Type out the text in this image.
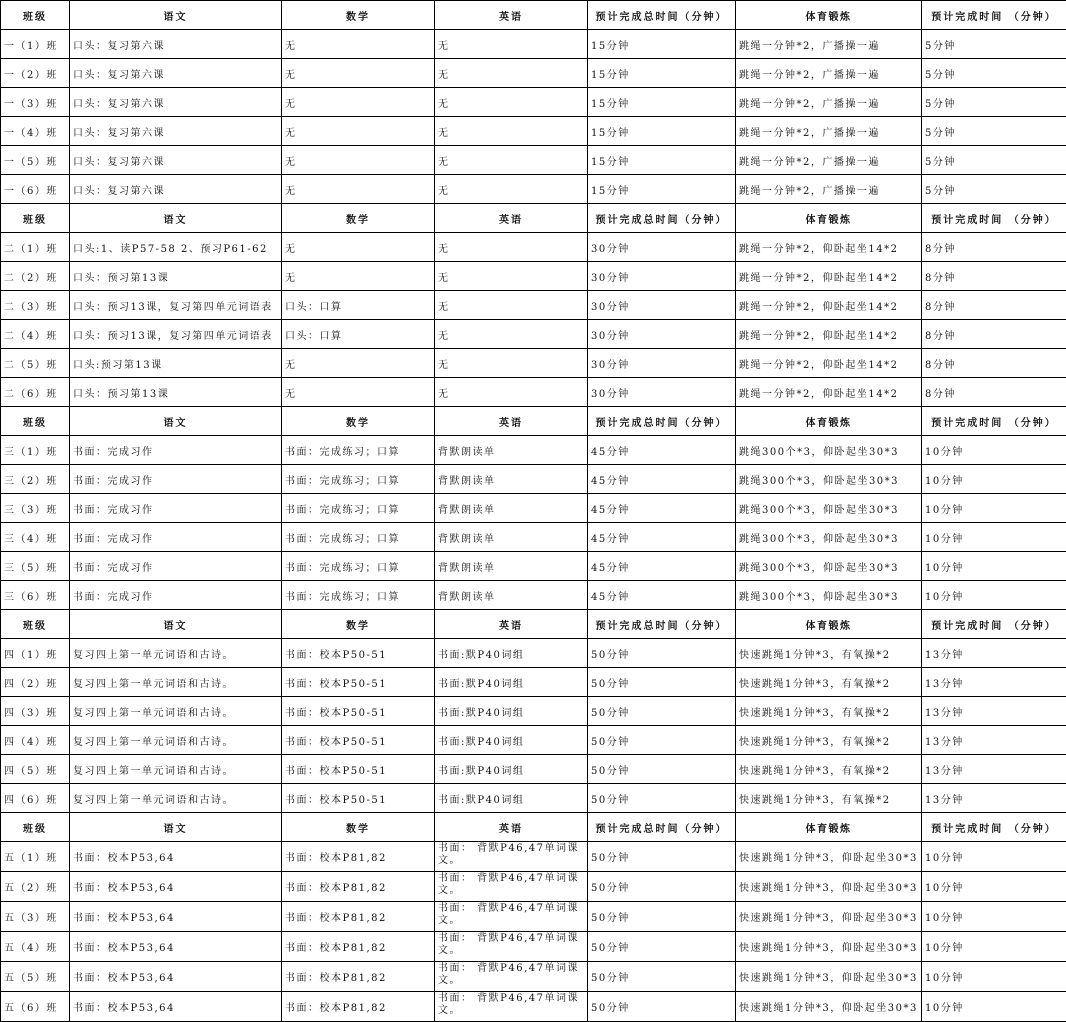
班级	语文	数学	英语	预计完成总时间（分钟）	体育锻炼	预计完成时间 （分钟）
一（1）班	口头：复习第六课	无	无	15分钟	跳绳一分钟*2，广播操一遍	5分钟
一（2）班	口头：复习第六课	无	无	15分钟	跳绳一分钟*2，广播操一遍	5分钟
一（3）班	口头：复习第六课	无	无	15分钟	跳绳一分钟*2，广播操一遍	5分钟
一（4）班	口头：复习第六课	无	无	15分钟	跳绳一分钟*2，广播操一遍	5分钟
一（5）班	口头：复习第六课	无	无	15分钟	跳绳一分钟*2，广播操一遍	5分钟
一（6）班	口头：复习第六课	无	无	15分钟	跳绳一分钟*2，广播操一遍	5分钟
班级	语文	数学	英语	预计完成总时间（分钟）	体育锻炼	预计完成时间 （分钟）
二（1）班	口头:1、读P57-58 2、预习P61-62	无	无	30分钟	跳绳一分钟*2，仰卧起坐14*2	8分钟
二（2）班	口头：预习第13课	无	无	30分钟	跳绳一分钟*2，仰卧起坐14*2	8分钟
二（3）班	口头：预习13课，复习第四单元词语表	口头：口算	无	30分钟	跳绳一分钟*2，仰卧起坐14*2	8分钟
二（4）班	口头：预习13课，复习第四单元词语表	口头：口算	无	30分钟	跳绳一分钟*2，仰卧起坐14*2	8分钟
二（5）班	口头:预习第13课	无	无	30分钟	跳绳一分钟*2，仰卧起坐14*2	8分钟
二（6）班	口头：预习第13课	无	无	30分钟	跳绳一分钟*2，仰卧起坐14*2	8分钟
班级	语文	数学	英语	预计完成总时间（分钟）	体育锻炼	预计完成时间 （分钟）
三（1）班	书面：完成习作	书面：完成练习；口算	背默朗读单	45分钟	跳绳300个*3，仰卧起坐30*3	10分钟
三（2）班	书面：完成习作	书面：完成练习；口算	背默朗读单	45分钟	跳绳300个*3，仰卧起坐30*3	10分钟
三（3）班	书面：完成习作	书面：完成练习；口算	背默朗读单	45分钟	跳绳300个*3，仰卧起坐30*3	10分钟
三（4）班	书面：完成习作	书面：完成练习；口算	背默朗读单	45分钟	跳绳300个*3，仰卧起坐30*3	10分钟
三（5）班	书面：完成习作	书面：完成练习；口算	背默朗读单	45分钟	跳绳300个*3，仰卧起坐30*3	10分钟
三（6）班	书面：完成习作	书面：完成练习；口算	背默朗读单	45分钟	跳绳300个*3，仰卧起坐30*3	10分钟
班级	语文	数学	英语	预计完成总时间（分钟）	体育锻炼	预计完成时间 （分钟）
四（1）班	复习四上第一单元词语和古诗。	书面：校本P50-51	书面:默P40词组	50分钟	快速跳绳1分钟*3，有氧操*2	13分钟
四（2）班	复习四上第一单元词语和古诗。	书面：校本P50-51	书面:默P40词组	50分钟	快速跳绳1分钟*3，有氧操*2	13分钟
四（3）班	复习四上第一单元词语和古诗。	书面：校本P50-51	书面:默P40词组	50分钟	快速跳绳1分钟*3，有氧操*2	13分钟
四（4）班	复习四上第一单元词语和古诗。	书面：校本P50-51	书面:默P40词组	50分钟	快速跳绳1分钟*3，有氧操*2	13分钟
四（5）班	复习四上第一单元词语和古诗。	书面：校本P50-51	书面:默P40词组	50分钟	快速跳绳1分钟*3，有氧操*2	13分钟
四（6）班	复习四上第一单元词语和古诗。	书面：校本P50-51	书面:默P40词组	50分钟	快速跳绳1分钟*3，有氧操*2	13分钟
班级	语文	数学	英语	预计完成总时间（分钟）	体育锻炼	预计完成时间 （分钟）
五（1）班	书面：校本P53,64	书面：校本P81,82	书面： 背默P46,47单词课文。	50分钟	快速跳绳1分钟*3，仰卧起坐30*3	10分钟
五（2）班	书面：校本P53,64	书面：校本P81,82	书面： 背默P46,47单词课文。	50分钟	快速跳绳1分钟*3，仰卧起坐30*3	10分钟
五（3）班	书面：校本P53,64	书面：校本P81,82	书面： 背默P46,47单词课文。	50分钟	快速跳绳1分钟*3，仰卧起坐30*3	10分钟
五（4）班	书面：校本P53,64	书面：校本P81,82	书面： 背默P46,47单词课文。	50分钟	快速跳绳1分钟*3，仰卧起坐30*3	10分钟
五（5）班	书面：校本P53,64	书面：校本P81,82	书面： 背默P46,47单词课文。	50分钟	快速跳绳1分钟*3，仰卧起坐30*3	10分钟
五（6）班	书面：校本P53,64	书面：校本P81,82	书面： 背默P46,47单词课文。	50分钟	快速跳绳1分钟*3，仰卧起坐30*3	10分钟
